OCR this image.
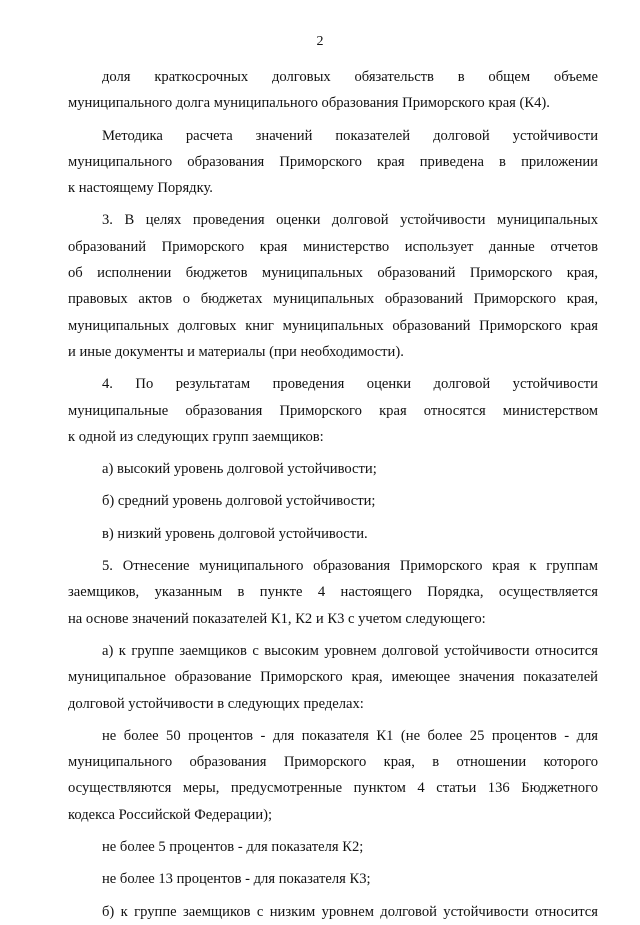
2

доля краткосрочных долговых обязательств в общем объеме
муниципального долга муниципального образования Приморского края (К4).

Методика расчета значений показателей долговой устойчивости
муниципального образования Приморского края приведена в приложении
к настоящему Порядку.

3. В целях проведения оценки долговой устойчивости муниципальных
образований Приморского края министерство использует данные отчетов
об исполнении бюджетов муниципальных образований Приморского края,
правовых актов о бюджетах муниципальных образований Приморского края,
муниципальных долговых книг муниципальных образований Приморского края
и иные документы и материалы (при необходимости).

4. По результатам проведения оценки долговой устойчивости
муниципальные образования Приморского края относятся министерством
к одной из следующих групп заемщиков:

а) высокий уровень долговой устойчивости;

б) средний уровень долговой устойчивости;

в) низкий уровень долговой устойчивости.

5. Отнесение муниципального образования Приморского края к группам
заемщиков, указанным в пункте 4 настоящего Порядка, осуществляется
на основе значений показателей К1, К2 и К3 с учетом следующего:

а) к группе заемщиков с высоким уровнем долговой устойчивости относится
муниципальное образование Приморского края, имеющее значения показателей
долговой устойчивости в следующих пределах:

не более 50 процентов - для показателя К1 (не более 25 процентов - для
муниципального образования Приморского края, в отношении которого
осуществляются меры, предусмотренные пунктом 4 статьи 136 Бюджетного
кодекса Российской Федерации);

не более 5 процентов - для показателя К2;

не более 13 процентов - для показателя К3;

б) к группе заемщиков с низким уровнем долговой устойчивости относится
